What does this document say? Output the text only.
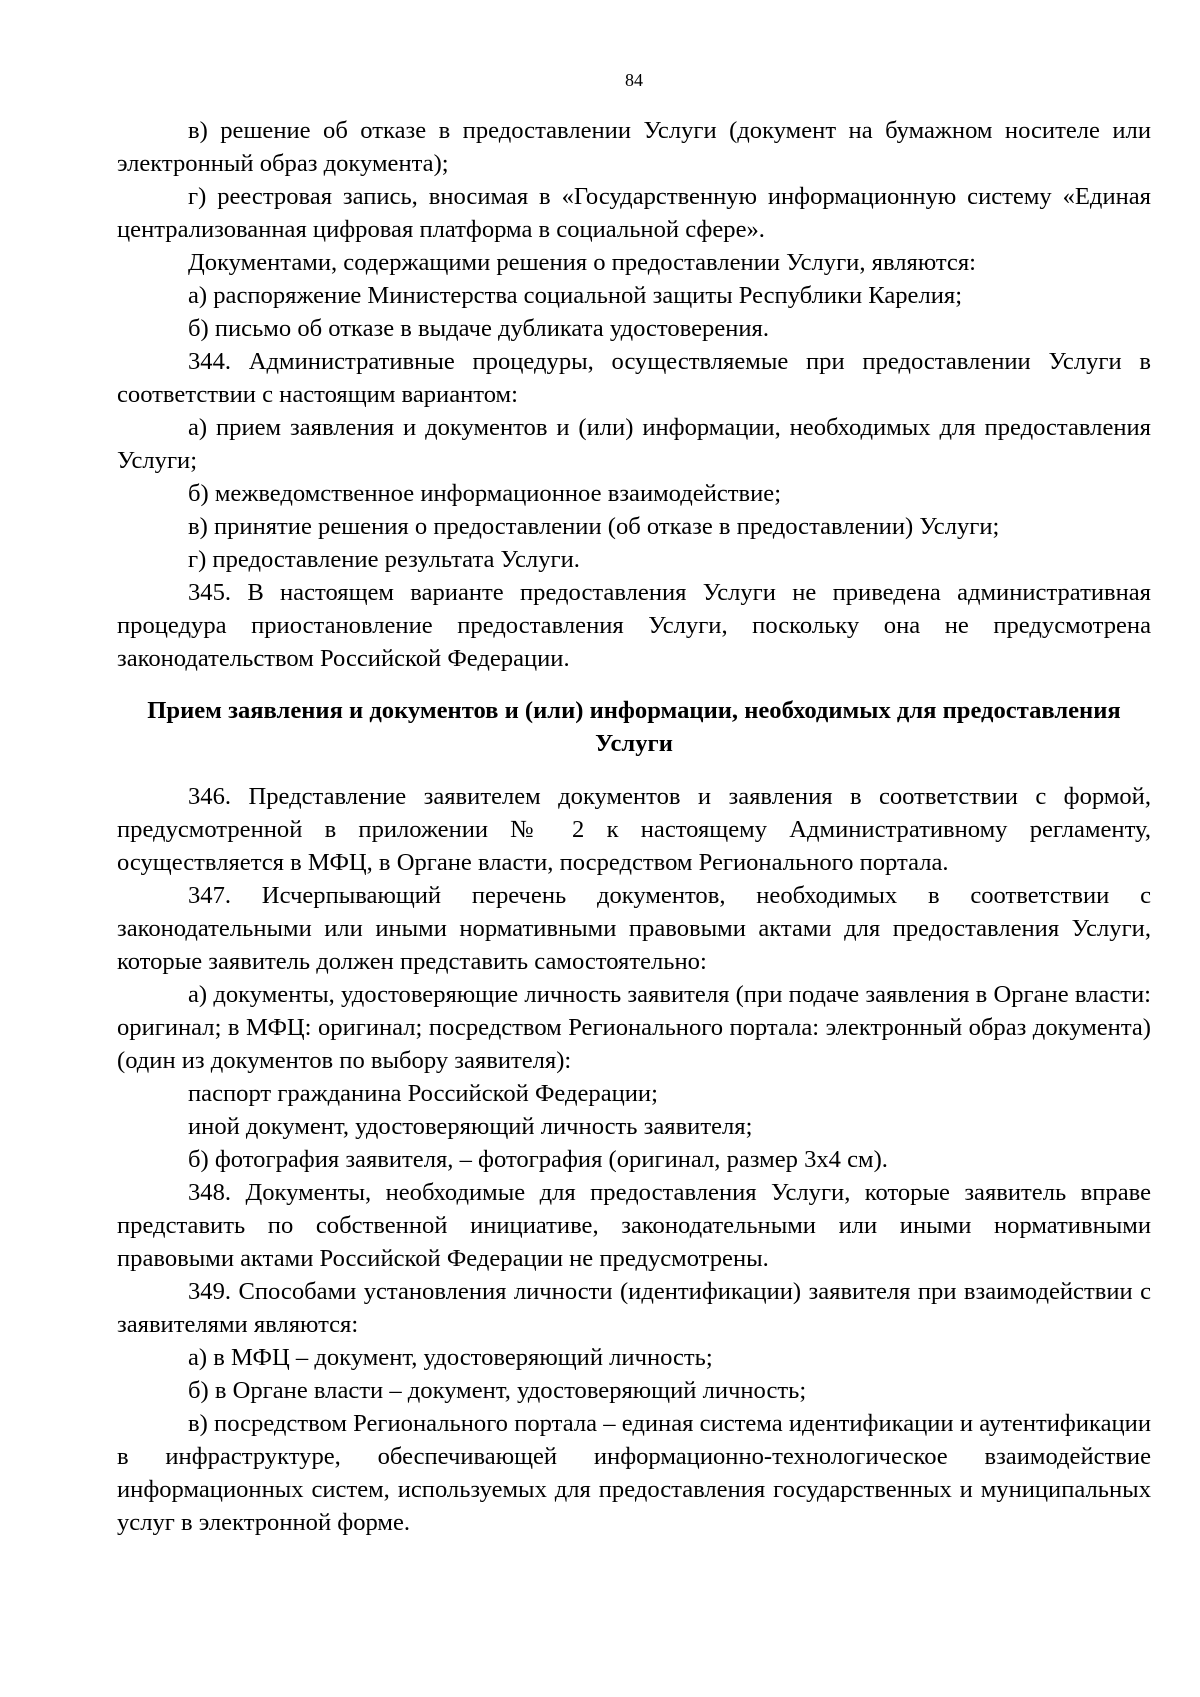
84

в) решение об отказе в предоставлении Услуги (документ на бумажном носителе или электронный образ документа);

г) реестровая запись, вносимая в «Государственную информационную систему «Единая централизованная цифровая платформа в социальной сфере».

Документами, содержащими решения о предоставлении Услуги, являются:

а) распоряжение Министерства социальной защиты Республики Карелия;

б) письмо об отказе в выдаче дубликата удостоверения.

344. Административные процедуры, осуществляемые при предоставлении Услуги в соответствии с настоящим вариантом:

а) прием заявления и документов и (или) информации, необходимых для предоставления Услуги;

б) межведомственное информационное взаимодействие;

в) принятие решения о предоставлении (об отказе в предоставлении) Услуги;

г) предоставление результата Услуги.

345. В настоящем варианте предоставления Услуги не приведена административная процедура приостановление предоставления Услуги, поскольку она не предусмотрена законодательством Российской Федерации.

Прием заявления и документов и (или) информации, необходимых для предоставления Услуги

346. Представление заявителем документов и заявления в соответствии с формой, предусмотренной в приложении № 2 к настоящему Административному регламенту, осуществляется в МФЦ, в Органе власти, посредством Регионального портала.

347. Исчерпывающий перечень документов, необходимых в соответствии с законодательными или иными нормативными правовыми актами для предоставления Услуги, которые заявитель должен представить самостоятельно:

а) документы, удостоверяющие личность заявителя (при подаче заявления в Органе власти: оригинал; в МФЦ: оригинал; посредством Регионального портала: электронный образ документа) (один из документов по выбору заявителя):

паспорт гражданина Российской Федерации;

иной документ, удостоверяющий личность заявителя;

б) фотография заявителя, – фотография (оригинал, размер 3x4 см).

348. Документы, необходимые для предоставления Услуги, которые заявитель вправе представить по собственной инициативе, законодательными или иными нормативными правовыми актами Российской Федерации не предусмотрены.

349. Способами установления личности (идентификации) заявителя при взаимодействии с заявителями являются:

а) в МФЦ – документ, удостоверяющий личность;

б) в Органе власти – документ, удостоверяющий личность;

в) посредством Регионального портала – единая система идентификации и аутентификации в инфраструктуре, обеспечивающей информационно-технологическое взаимодействие информационных систем, используемых для предоставления государственных и муниципальных услуг в электронной форме.
